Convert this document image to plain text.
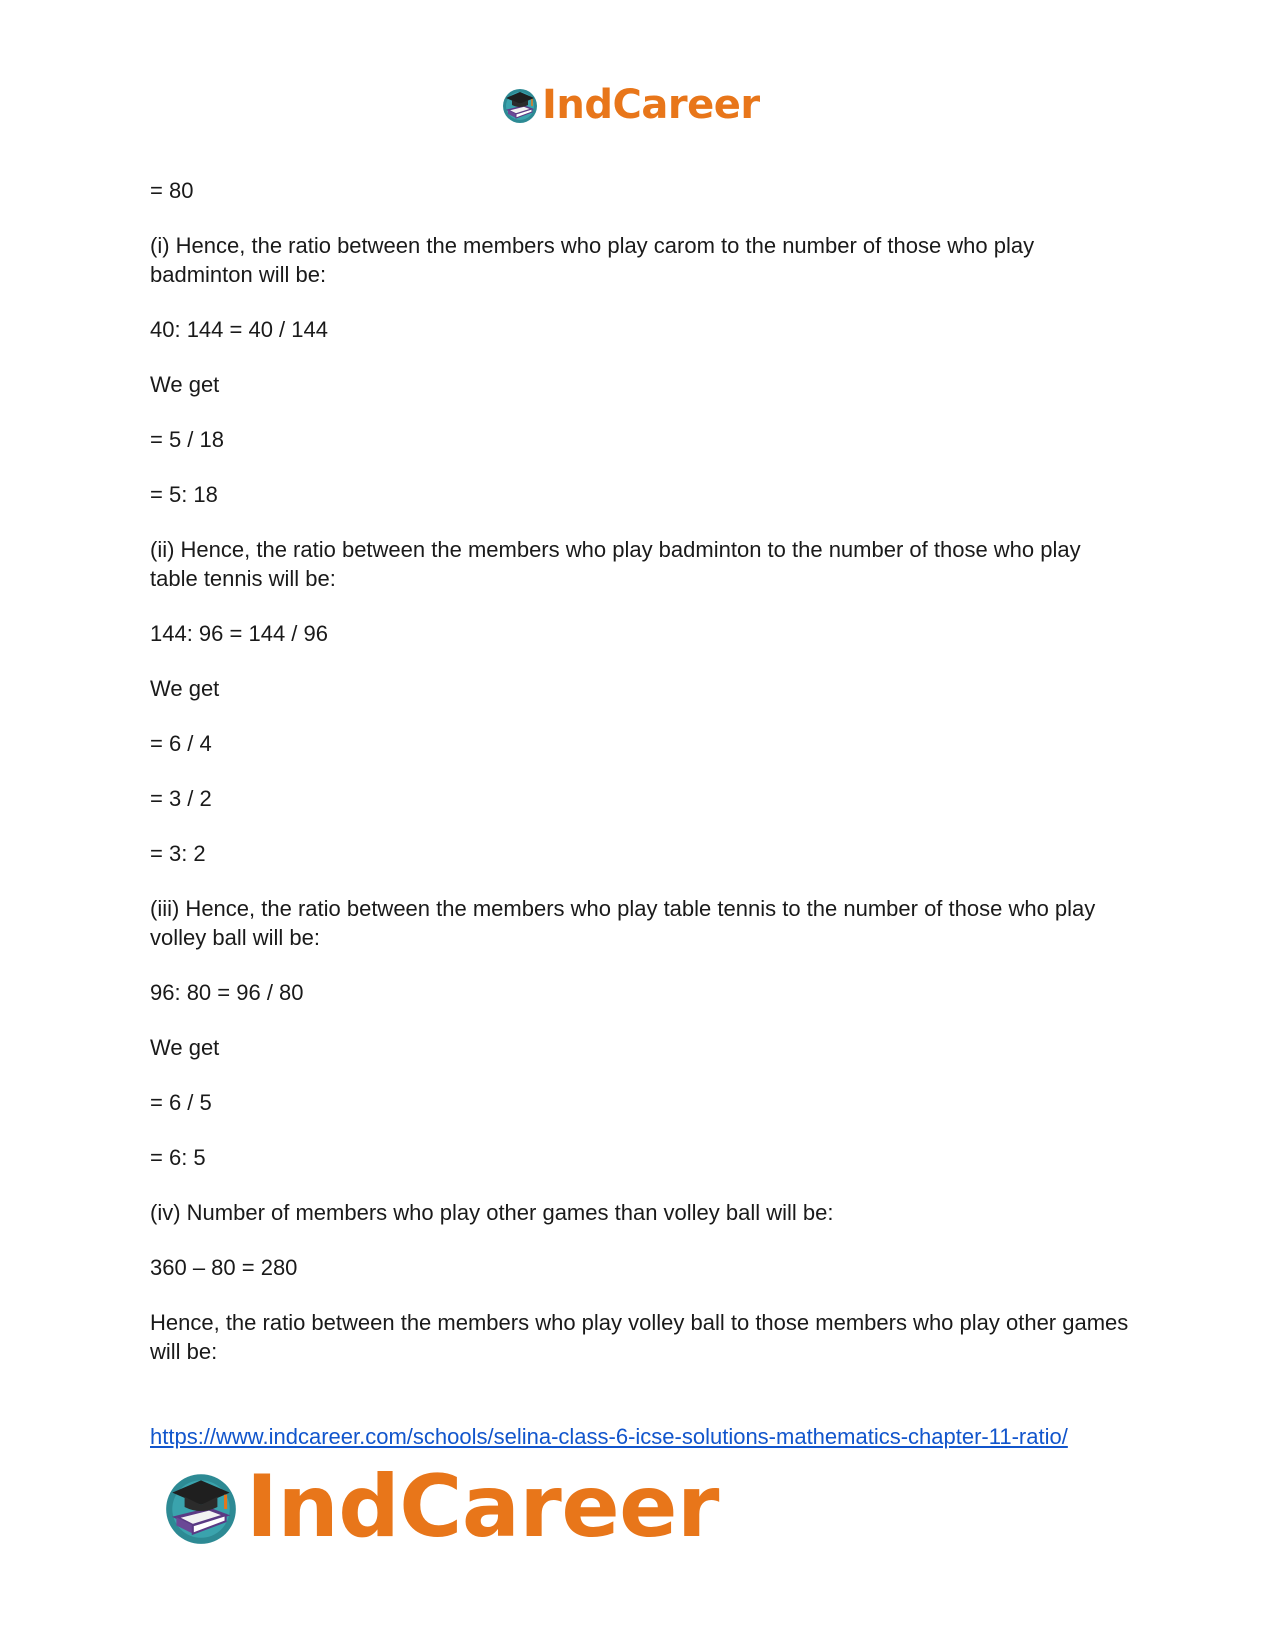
IndCareer

= 80

(i) Hence, the ratio between the members who play carom to the number of those who play badminton will be:

40: 144 = 40 / 144

We get

= 5 / 18

= 5: 18

(ii) Hence, the ratio between the members who play badminton to the number of those who play table tennis will be:

144: 96 = 144 / 96

We get

= 6 / 4

= 3 / 2

= 3: 2

(iii) Hence, the ratio between the members who play table tennis to the number of those who play volley ball will be:

96: 80 = 96 / 80

We get

= 6 / 5

= 6: 5

(iv) Number of members who play other games than volley ball will be:

360 – 80 = 280

Hence, the ratio between the members who play volley ball to those members who play other games will be:

https://www.indcareer.com/schools/selina-class-6-icse-solutions-mathematics-chapter-11-ratio/
IndCareer
